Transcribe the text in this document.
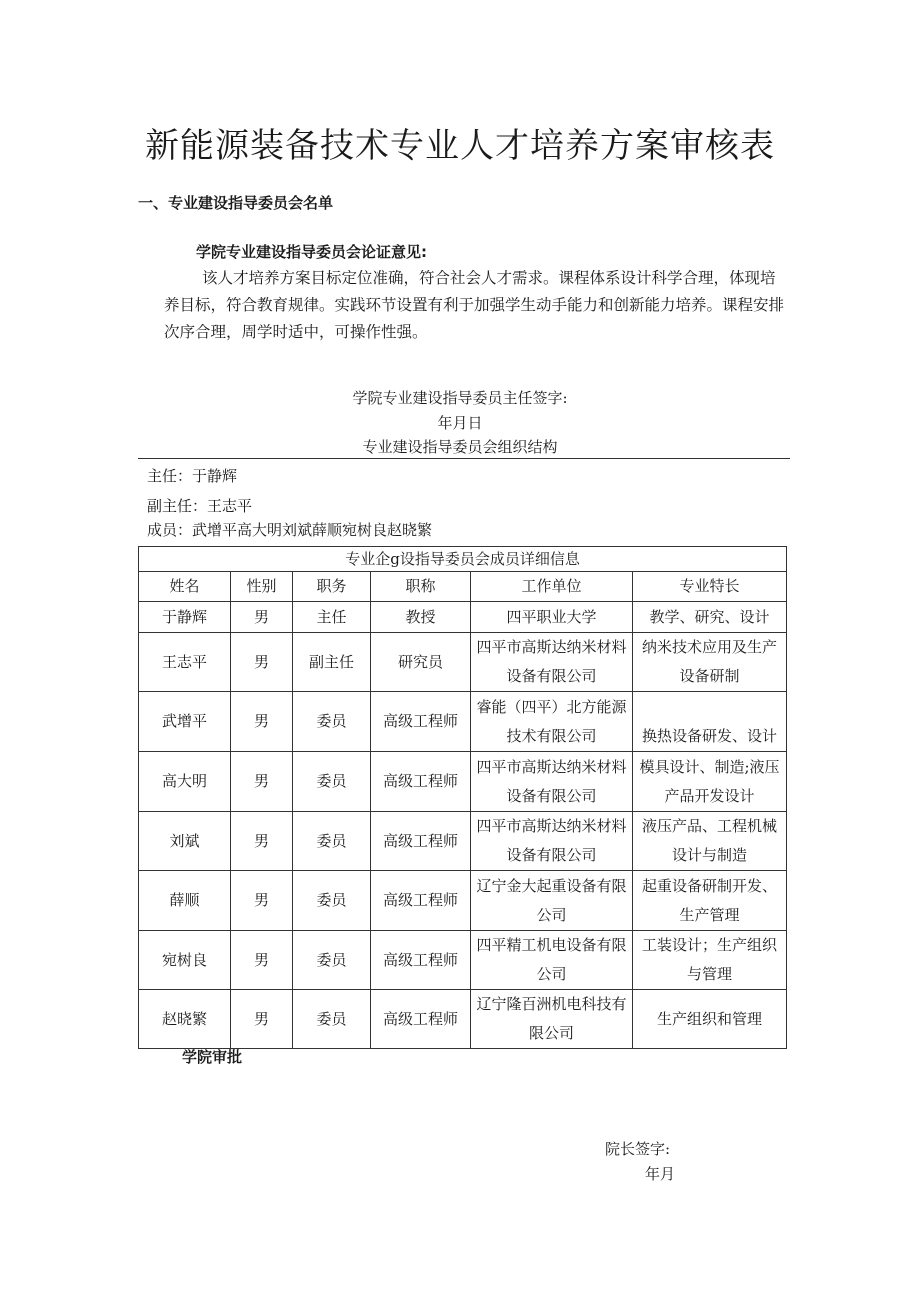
新能源装备技术专业人才培养方案审核表
一、专业建设指导委员会名单
学院专业建设指导委员会论证意见:
该人才培养方案目标定位准确，符合社会人才需求。课程体系设计科学合理，体现培养目标，符合教育规律。实践环节设置有利于加强学生动手能力和创新能力培养。课程安排次序合理，周学时适中，可操作性强。
学院专业建设指导委员主任签字:
年月日
专业建设指导委员会组织结构
主任：于静辉
副主任：王志平
成员：武增平高大明刘斌薛顺宛树良赵晓繁
专业企g设指导委员会成员详细信息					
姓名	性别	职务	职称	工作单位	专业特长
于静辉	男	主任	教授	四平职业大学	教学、研究、设计
王志平	男	副主任	研究员	四平市高斯达纳米材料设备有限公司	纳米技术应用及生产设备研制
武增平	男	委员	高级工程师	睿能（四平）北方能源技术有限公司	换热设备研发、设计
高大明	男	委员	高级工程师	四平市高斯达纳米材料设备有限公司	模具设计、制造;液压产品开发设计
刘斌	男	委员	高级工程师	四平市高斯达纳米材料设备有限公司	液压产品、工程机械设计与制造
薛顺	男	委员	高级工程师	辽宁金大起重设备有限公司	起重设备研制开发、生产管理
宛树良	男	委员	高级工程师	四平精工机电设备有限公司	工装设计；生产组织与管理
赵晓繁	男	委员	高级工程师	辽宁隆百洲机电科技有限公司	生产组织和管理
学院审批
院长签字:
年月
